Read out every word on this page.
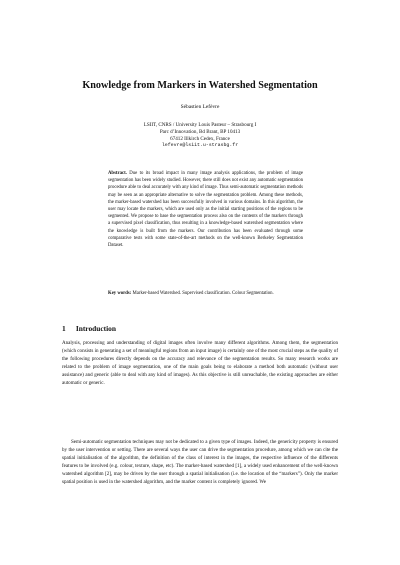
Knowledge from Markers in Watershed Segmentation
Sébastien Lefèvre
LSIIT, CNRS / University Louis Pasteur – Strasbourg I
Parc d’Innovation, Bd Brant, BP 10413
67412 Illkirch Cedex, France
lefevre@lsiit.u-strasbg.fr
Abstract. Due to its broad impact in many image analysis applications, the problem of image segmentation has been widely studied. However, there still does not exist any automatic segmentation procedure able to deal accurately with any kind of image. Thus semi-automatic segmentation methods may be seen as an appropriate alternative to solve the segmentation problem. Among these methods, the marker-based watershed has been successfully involved in various domains. In this algorithm, the user may locate the markers, which are used only as the initial starting positions of the regions to be segmented. We propose to base the segmentation process also on the contents of the markers through a supervised pixel classification, thus resulting in a knowledge-based watershed segmentation where the knowledge is built from the markers. Our contribution has been evaluated through some comparative tests with some state-of-the-art methods on the well-known Berkeley Segmentation Dataset.
Key words: Marker-based Watershed. Supervised classification. Colour Segmentation.
1 Introduction
Analysis, processing and understanding of digital images often involve many different algorithms. Among them, the segmentation (which consists in generating a set of meaningful regions from an input image) is certainly one of the most crucial steps as the quality of the following procedures directly depends on the accuracy and relevance of the segmentation results. So many research works are related to the problem of image segmentation, one of the main goals being to elaborate a method both automatic (without user assistance) and generic (able to deal with any kind of images). As this objective is still unreachable, the existing approaches are either automatic or generic.
Semi-automatic segmentation techniques may not be dedicated to a given type of images. Indeed, the genericity property is ensured by the user intervention or setting. There are several ways the user can drive the segmentation procedure, among which we can cite the spatial initialisation of the algorithm, the definition of the class of interest in the images, the respective influence of the differents features to be involved (e.g. colour, texture, shape, etc). The marker-based watershed [1], a widely used enhancement of the well-known watershed algorithm [2], may be driven by the user through a spatial initialisation (i.e. the location of the “markers”). Only the marker spatial position is used in the watershed algorithm, and the marker content is completely ignored. We
